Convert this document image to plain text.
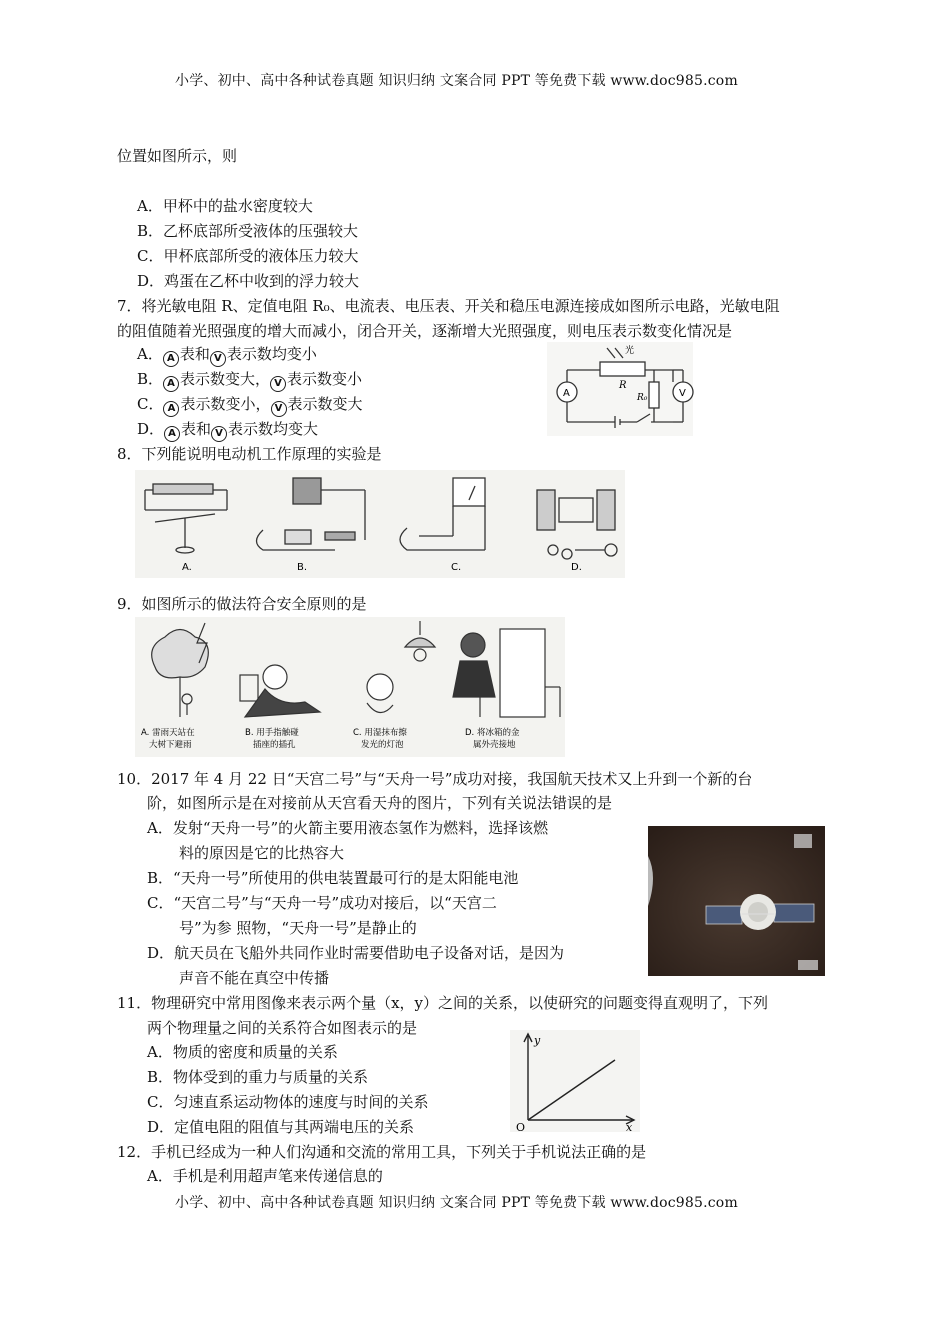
小学、初中、高中各种试卷真题 知识归纳 文案合同 PPT 等免费下载 www.doc985.com
位置如图所示，则
A．甲杯中的盐水密度较大
B．乙杯底部所受液体的压强较大
C．甲杯底部所受的液体压力较大
D．鸡蛋在乙杯中收到的浮力较大
7．将光敏电阻 R、定值电阻 R₀、电流表、电压表、开关和稳压电源连接成如图所示电路，光敏电阻
的阻值随着光照强度的增大而减小，闭合开关，逐渐增大光照强度，则电压表示数变化情况是
A． A 表和 V 表示数均变小
B． A 表示数变大， V 表示数变小
C． A 表示数变小， V 表示数变大
D． A 表和 V 表示数均变大
光
R
R₀
A	V
8．下列能说明电动机工作原理的实验是
A.	B.	C.	D.
9．如图所示的做法符合安全原则的是
A. 雷雨天站在
大树下避雨
B. 用手指触碰
插座的插孔
C. 用湿抹布擦
发光的灯泡
D. 将冰箱的金
属外壳接地
10．2017 年 4 月 22 日“天宫二号”与“天舟一号”成功对接，我国航天技术又上升到一个新的台
阶，如图所示是在对接前从天宫看天舟的图片，下列有关说法错误的是
A．发射“天舟一号”的火箭主要用液态氢作为燃料，选择该燃
料的原因是它的比热容大
B．“天舟一号”所使用的供电装置最可行的是太阳能电池
C．“天宫二号”与“天舟一号”成功对接后，以“天宫二
号”为参 照物，“天舟一号”是静止的
D．航天员在飞船外共同作业时需要借助电子设备对话，是因为
声音不能在真空中传播
11．物理研究中常用图像来表示两个量（x，y）之间的关系，以使研究的问题变得直观明了，下列
两个物理量之间的关系符合如图表示的是
A．物质的密度和质量的关系
B．物体受到的重力与质量的关系
C．匀速直系运动物体的速度与时间的关系
D．定值电阻的阻值与其两端电压的关系
y
x
O
12．手机已经成为一种人们沟通和交流的常用工具，下列关于手机说法正确的是
A．手机是利用超声笔来传递信息的
小学、初中、高中各种试卷真题 知识归纳 文案合同 PPT 等免费下载 www.doc985.com
